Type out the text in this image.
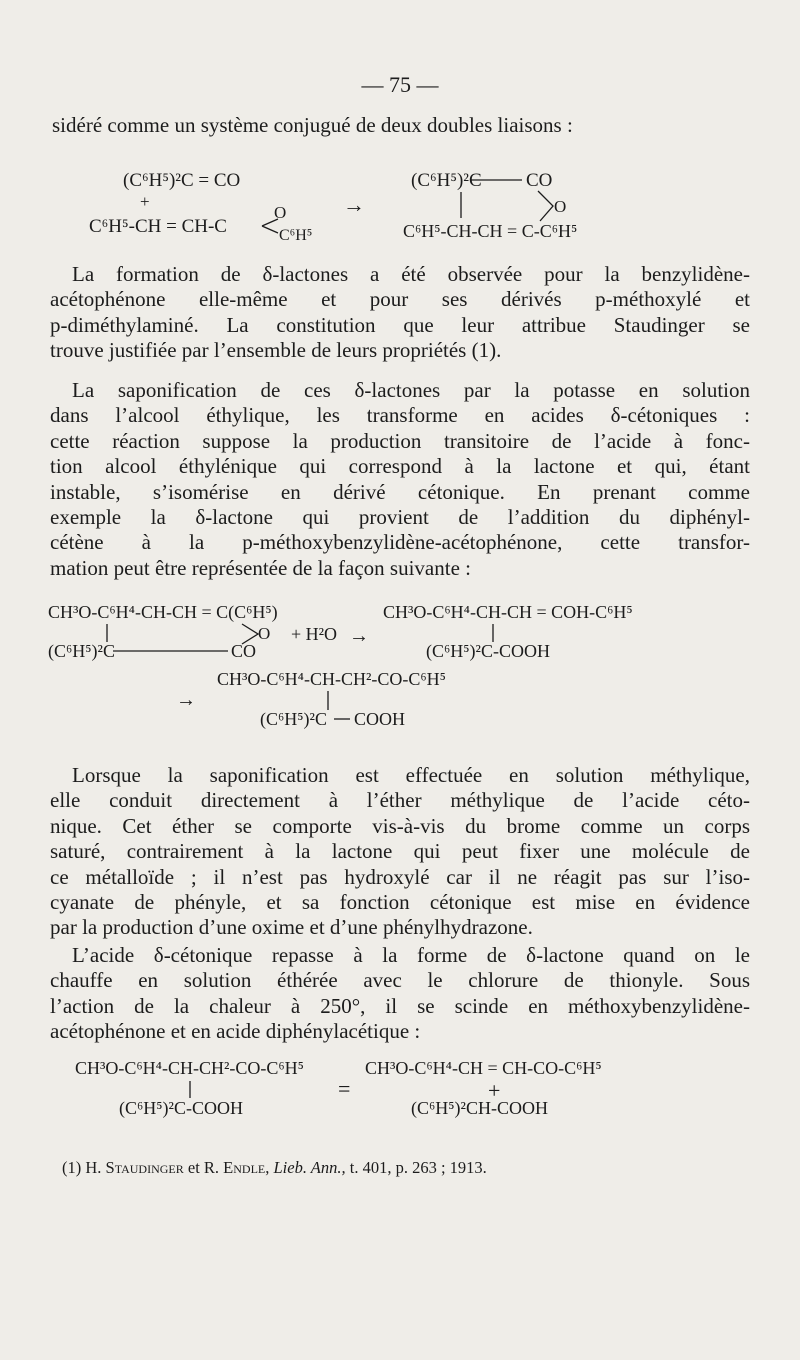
— 75 —

sidéré comme un système conjugué de deux doubles liaisons :

(C⁶H⁵)²C = CO
+
C⁶H⁵-CH = CH-C
O
C⁶H⁵
→
(C⁶H⁵)²C CO
O
C⁶H⁵-CH-CH = C-C⁶H⁵

La formation de δ-lactones a été observée pour la benzylidène-
acétophénone elle-même et pour ses dérivés p-méthoxylé et
p-diméthylaminé. La constitution que leur attribue Staudinger se
trouve justifiée par l’ensemble de leurs propriétés (1).

La saponification de ces δ-lactones par la potasse en solution
dans l’alcool éthylique, les transforme en acides δ-cétoniques :
cette réaction suppose la production transitoire de l’acide à fonc-
tion alcool éthylénique qui correspond à la lactone et qui, étant
instable, s’isomérise en dérivé cétonique. En prenant comme
exemple la δ-lactone qui provient de l’addition du diphényl-
cétène à la p-méthoxybenzylidène-acétophénone, cette transfor-
mation peut être représentée de la façon suivante :

CH³O-C⁶H⁴-CH-CH = C(C⁶H⁵)
O + H²O →
(C⁶H⁵)²C	CO
CH³O-C⁶H⁴-CH-CH = COH-C⁶H⁵
(C⁶H⁵)²C-COOH
CH³O-C⁶H⁴-CH-CH²-CO-C⁶H⁵
→
(C⁶H⁵)²C COOH

Lorsque la saponification est effectuée en solution méthylique,
elle conduit directement à l’éther méthylique de l’acide céto-
nique. Cet éther se comporte vis-à-vis du brome comme un corps
saturé, contrairement à la lactone qui peut fixer une molécule de
ce métalloïde ; il n’est pas hydroxylé car il ne réagit pas sur l’iso-
cyanate de phényle, et sa fonction cétonique est mise en évidence
par la production d’une oxime et d’une phénylhydrazone.

L’acide δ-cétonique repasse à la forme de δ-lactone quand on le
chauffe en solution éthérée avec le chlorure de thionyle. Sous
l’action de la chaleur à 250°, il se scinde en méthoxybenzylidène-
acétophénone et en acide diphénylacétique :

CH³O-C⁶H⁴-CH-CH²-CO-C⁶H⁵
(C⁶H⁵)²C-COOH
=
CH³O-C⁶H⁴-CH = CH-CO-C⁶H⁵
+
(C⁶H⁵)²CH-COOH
(1) H. Staudinger et R. Endle, Lieb. Ann., t. 401, p. 263 ; 1913.
